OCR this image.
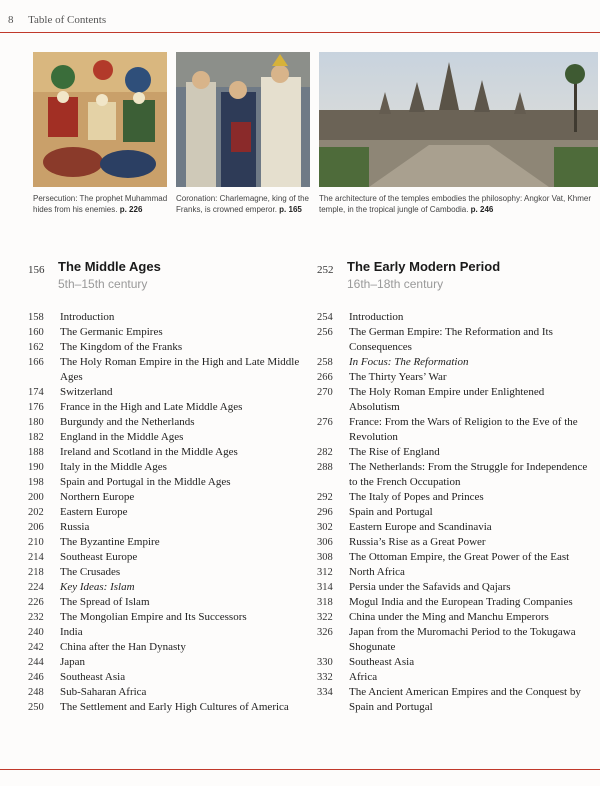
8 Table of Contents
Persecution: The prophet Muhammad hides from his enemies. p. 226
Coronation: Charlemagne, king of the Franks, is crowned emperor. p. 165
The architecture of the temples embodies the philosophy: Angkor Vat, Khmer temple, in the tropical jungle of Cambodia. p. 246
156	The Middle Ages
5th–15th century
158	Introduction
160	The Germanic Empires
162	The Kingdom of the Franks
166	The Holy Roman Empire in the High and Late Middle Ages
174	Switzerland
176	France in the High and Late Middle Ages
180	Burgundy and the Netherlands
182	England in the Middle Ages
188	Ireland and Scotland in the Middle Ages
190	Italy in the Middle Ages
198	Spain and Portugal in the Middle Ages
200	Northern Europe
202	Eastern Europe
206	Russia
210	The Byzantine Empire
214	Southeast Europe
218	The Crusades
224	Key Ideas: Islam
226	The Spread of Islam
232	The Mongolian Empire and Its Successors
240	India
242	China after the Han Dynasty
244	Japan
246	Southeast Asia
248	Sub-Saharan Africa
250	The Settlement and Early High Cultures of America
252	The Early Modern Period
16th–18th century
254	Introduction
256	The German Empire: The Reformation and Its Consequences
258	In Focus: The Reformation
266	The Thirty Years’ War
270	The Holy Roman Empire under Enlightened Absolutism
276	France: From the Wars of Religion to the Eve of the Revolution
282	The Rise of England
288	The Netherlands: From the Struggle for Independence to the French Occupation
292	The Italy of Popes and Princes
296	Spain and Portugal
302	Eastern Europe and Scandinavia
306	Russia’s Rise as a Great Power
308	The Ottoman Empire, the Great Power of the East
312	North Africa
314	Persia under the Safavids and Qajars
318	Mogul India and the European Trading Companies
322	China under the Ming and Manchu Emperors
326	Japan from the Muromachi Period to the Tokugawa Shogunate
330	Southeast Asia
332	Africa
334	The Ancient American Empires and the Conquest by Spain and Portugal
